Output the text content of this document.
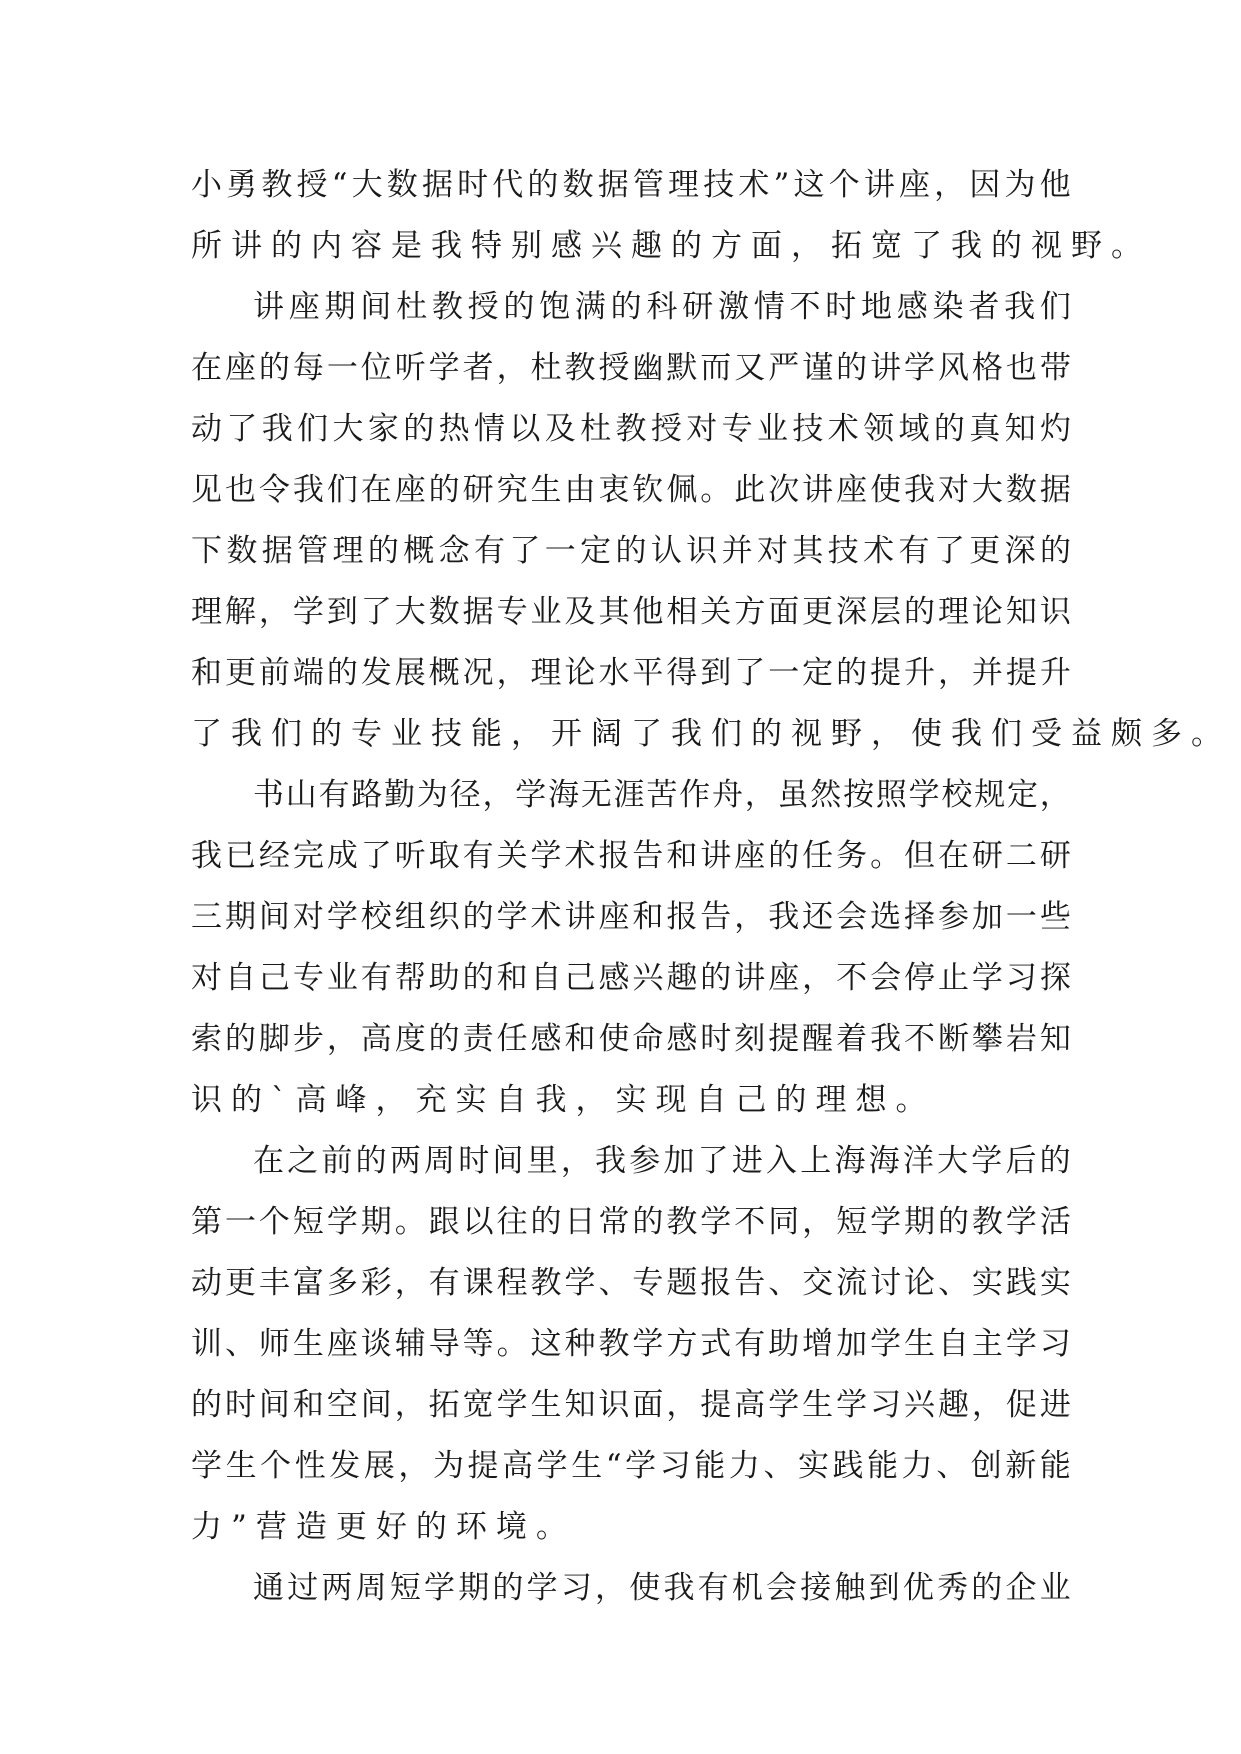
小 勇 教 授 “ 大 数 据 时 代 的 数 据 管 理 技 术 ” 这 个 讲 座 ， 因 为 他
所讲的内容是我特别感兴趣的方面，拓宽了我的视野。
讲 座 期 间 杜 教 授 的 饱 满 的 科 研 激 情 不 时 地 感 染 者 我 们
在 座 的 每 一 位 听 学 者 ， 杜 教 授 幽 默 而 又 严 谨 的 讲 学 风 格 也 带
动 了 我 们 大 家 的 热 情 以 及 杜 教 授 对 专 业 技 术 领 域 的 真 知 灼
见 也 令 我 们 在 座 的 研 究 生 由 衷 钦 佩 。 此 次 讲 座 使 我 对 大 数 据
下 数 据 管 理 的 概 念 有 了 一 定 的 认 识 并 对 其 技 术 有 了 更 深 的
理 解 ， 学 到 了 大 数 据 专 业 及 其 他 相 关 方 面 更 深 层 的 理 论 知 识
和 更 前 端 的 发 展 概 况 ， 理 论 水 平 得 到 了 一 定 的 提 升 ， 并 提 升
了我们的专业技能，开阔了我们的视野，使我们受益颇多。
书 山 有 路 勤 为 径 ， 学 海 无 涯 苦 作 舟 ， 虽 然 按 照 学 校 规 定 ，
我 已 经 完 成 了 听 取 有 关 学 术 报 告 和 讲 座 的 任 务 。 但 在 研 二 研
三 期 间 对 学 校 组 织 的 学 术 讲 座 和 报 告 ， 我 还 会 选 择 参 加 一 些
对 自 己 专 业 有 帮 助 的 和 自 己 感 兴 趣 的 讲 座 ， 不 会 停 止 学 习 探
索 的 脚 步 ， 高 度 的 责 任 感 和 使 命 感 时 刻 提 醒 着 我 不 断 攀 岩 知
识的`高峰，充实自我，实现自己的理想。
在 之 前 的 两 周 时 间 里 ， 我 参 加 了 进 入 上 海 海 洋 大 学 后 的
第 一 个 短 学 期 。 跟 以 往 的 日 常 的 教 学 不 同 ， 短 学 期 的 教 学 活
动 更 丰 富 多 彩 ， 有 课 程 教 学 、 专 题 报 告 、 交 流 讨 论 、 实 践 实
训 、 师 生 座 谈 辅 导 等 。 这 种 教 学 方 式 有 助 增 加 学 生 自 主 学 习
的 时 间 和 空 间 ， 拓 宽 学 生 知 识 面 ， 提 高 学 生 学 习 兴 趣 ， 促 进
学 生 个 性 发 展 ， 为 提 高 学 生 “ 学 习 能 力 、 实 践 能 力 、 创 新 能
力”营造更好的环境。
通 过 两 周 短 学 期 的 学 习 ， 使 我 有 机 会 接 触 到 优 秀 的 企 业
